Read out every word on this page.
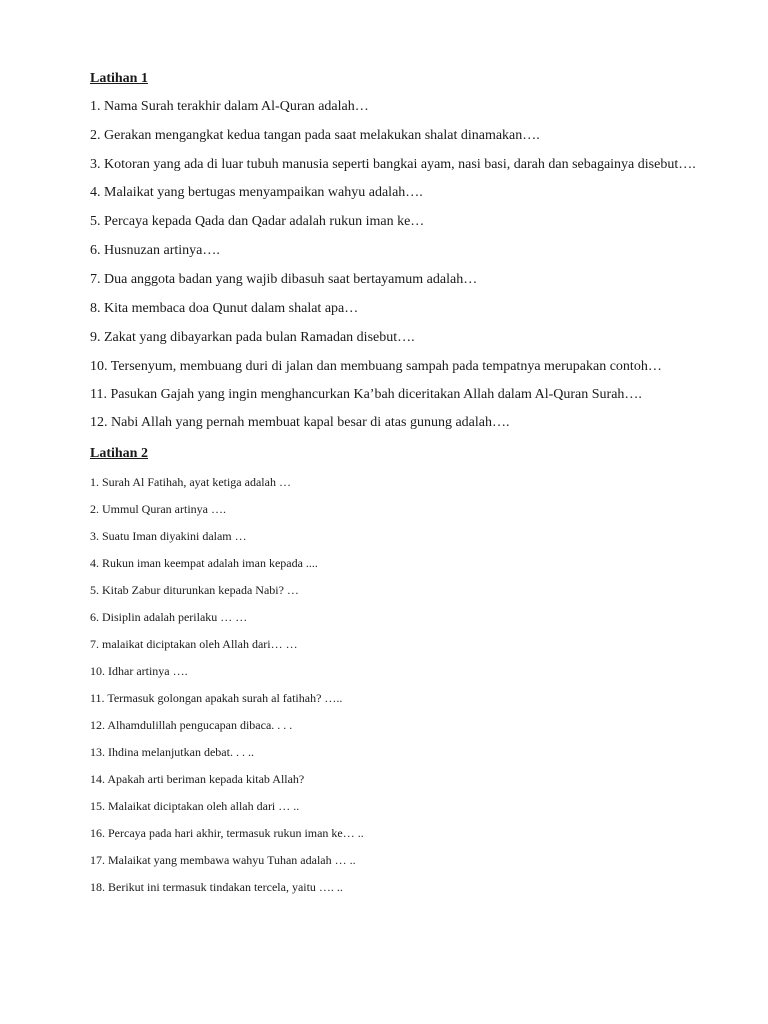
Latihan 1
1. Nama Surah terakhir dalam Al-Quran adalah…
2. Gerakan mengangkat kedua tangan pada saat melakukan shalat dinamakan….
3. Kotoran yang ada di luar tubuh manusia seperti bangkai ayam, nasi basi, darah dan sebagainya disebut….
4. Malaikat yang bertugas menyampaikan wahyu adalah….
5. Percaya kepada Qada dan Qadar adalah rukun iman ke…
6. Husnuzan artinya….
7. Dua anggota badan yang wajib dibasuh saat bertayamum adalah…
8. Kita membaca doa Qunut dalam shalat apa…
9. Zakat yang dibayarkan pada bulan Ramadan disebut….
10. Tersenyum, membuang duri di jalan dan membuang sampah pada tempatnya merupakan contoh…
11. Pasukan Gajah yang ingin menghancurkan Ka’bah diceritakan Allah dalam Al-Quran Surah….
12. Nabi Allah yang pernah membuat kapal besar di atas gunung adalah….
Latihan 2
1. Surah Al Fatihah, ayat ketiga adalah …
2. Ummul Quran artinya ….
3. Suatu Iman diyakini dalam …
4. Rukun iman keempat adalah iman kepada ....
5. Kitab Zabur diturunkan kepada Nabi? …
6. Disiplin adalah perilaku … …
7. malaikat diciptakan oleh Allah dari… …
10. Idhar artinya ….
11. Termasuk golongan apakah surah al fatihah? …..
12. Alhamdulillah pengucapan dibaca. . . .
13. Ihdina melanjutkan debat. . . ..
14. Apakah arti beriman kepada kitab Allah?
15. Malaikat diciptakan oleh allah dari … ..
16. Percaya pada hari akhir, termasuk rukun iman ke… ..
17. Malaikat yang membawa wahyu Tuhan adalah … ..
18. Berikut ini termasuk tindakan tercela, yaitu …. ..
